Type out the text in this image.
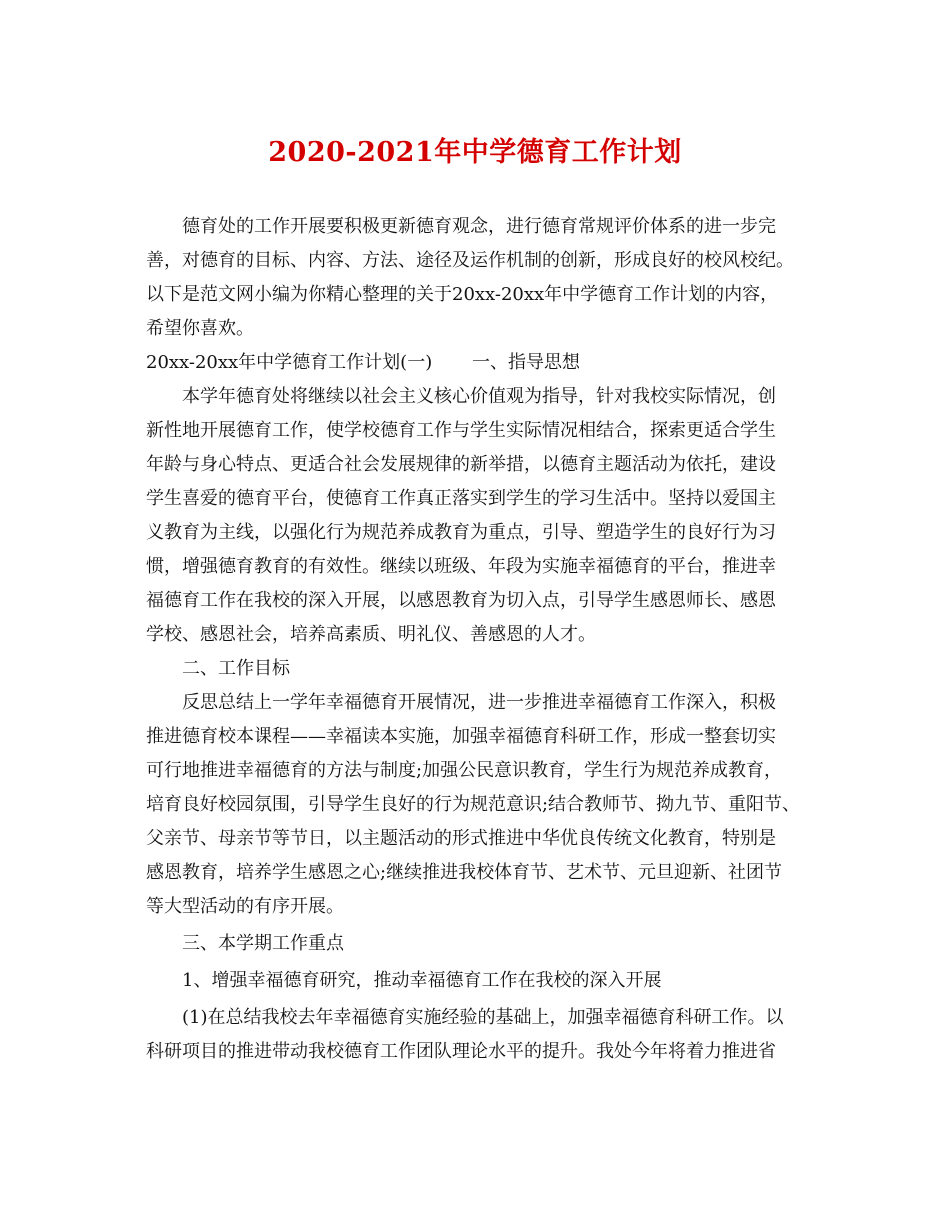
2020-2021年中学德育工作计划
德育处的工作开展要积极更新德育观念，进行德育常规评价体系的进一步完
善，对德育的目标、内容、方法、途径及运作机制的创新，形成良好的校风校纪。
以下是范文网小编为你精心整理的关于20xx-20xx年中学德育工作计划的内容，
希望你喜欢。
20xx-20xx年中学德育工作计划(一) 一、指导思想
本学年德育处将继续以社会主义核心价值观为指导，针对我校实际情况，创
新性地开展德育工作，使学校德育工作与学生实际情况相结合，探索更适合学生
年龄与身心特点、更适合社会发展规律的新举措，以德育主题活动为依托，建设
学生喜爱的德育平台，使德育工作真正落实到学生的学习生活中。坚持以爱国主
义教育为主线，以强化行为规范养成教育为重点，引导、塑造学生的良好行为习
惯，增强德育教育的有效性。继续以班级、年段为实施幸福德育的平台，推进幸
福德育工作在我校的深入开展，以感恩教育为切入点，引导学生感恩师长、感恩
学校、感恩社会，培养高素质、明礼仪、善感恩的人才。
二、工作目标
反思总结上一学年幸福德育开展情况，进一步推进幸福德育工作深入，积极
推进德育校本课程——幸福读本实施，加强幸福德育科研工作，形成一整套切实
可行地推进幸福德育的方法与制度;加强公民意识教育，学生行为规范养成教育，
培育良好校园氛围，引导学生良好的行为规范意识;结合教师节、拗九节、重阳节、
父亲节、母亲节等节日，以主题活动的形式推进中华优良传统文化教育，特别是
感恩教育，培养学生感恩之心;继续推进我校体育节、艺术节、元旦迎新、社团节
等大型活动的有序开展。
三、本学期工作重点
1、增强幸福德育研究，推动幸福德育工作在我校的深入开展
(1)在总结我校去年幸福德育实施经验的基础上，加强幸福德育科研工作。以
科研项目的推进带动我校德育工作团队理论水平的提升。我处今年将着力推进省
